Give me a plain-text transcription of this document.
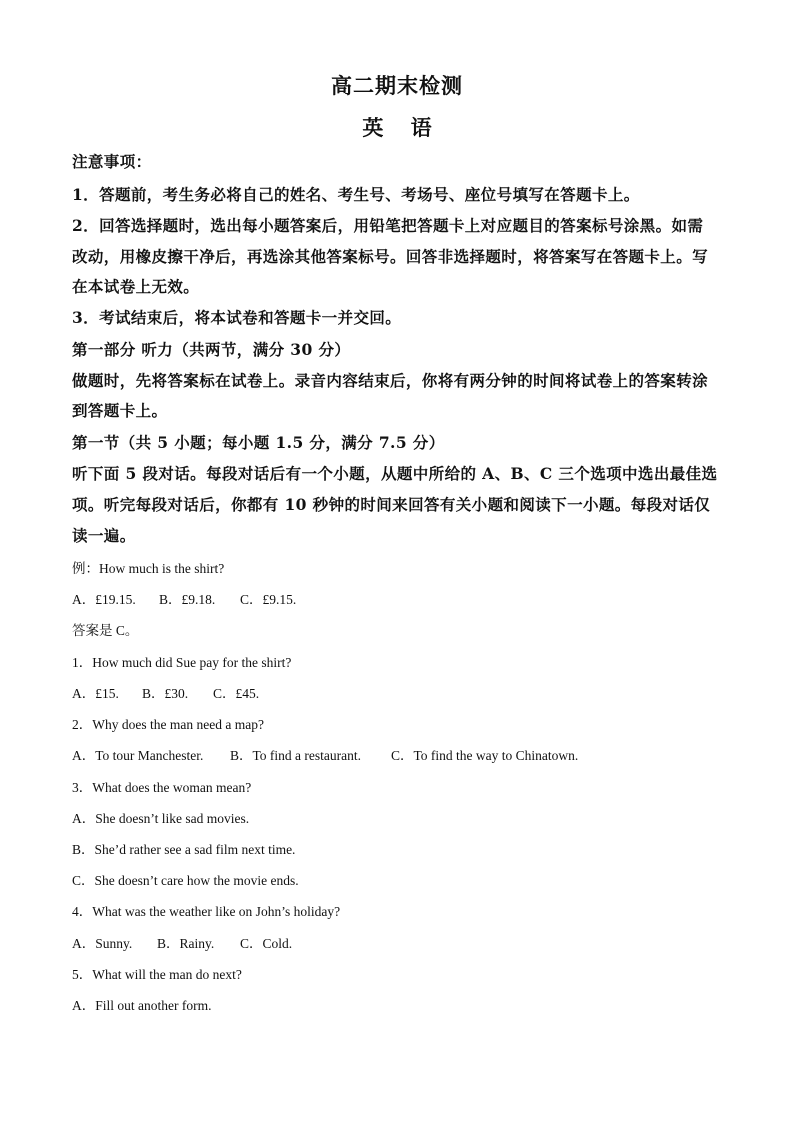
高二期末检测
英 语
注意事项：
1．答题前，考生务必将自己的姓名、考生号、考场号、座位号填写在答题卡上。
2．回答选择题时，选出每小题答案后，用铅笔把答题卡上对应题目的答案标号涂黑。如需
改动，用橡皮擦干净后，再选涂其他答案标号。回答非选择题时，将答案写在答题卡上。写
在本试卷上无效。
3．考试结束后，将本试卷和答题卡一并交回。
第一部分 听力（共两节，满分 30 分）
做题时，先将答案标在试卷上。录音内容结束后，你将有两分钟的时间将试卷上的答案转涂
到答题卡上。
第一节（共 5 小题；每小题 1.5 分，满分 7.5 分）
听下面 5 段对话。每段对话后有一个小题，从题中所给的 A、B、C 三个选项中选出最佳选
项。听完每段对话后，你都有 10 秒钟的时间来回答有关小题和阅读下一小题。每段对话仅
读一遍。
例：How much is the shirt?
A．£19.15. B．£9.18. C．£9.15.
答案是 C。
1．How much did Sue pay for the shirt?
A．£15. B．£30. C．£45.
2．Why does the man need a map?
A．To tour Manchester. B．To find a restaurant. C．To find the way to Chinatown.
3．What does the woman mean?
A．She doesn’t like sad movies.
B．She’d rather see a sad film next time.
C．She doesn’t care how the movie ends.
4．What was the weather like on John’s holiday?
A．Sunny. B．Rainy. C．Cold.
5．What will the man do next?
A．Fill out another form.
